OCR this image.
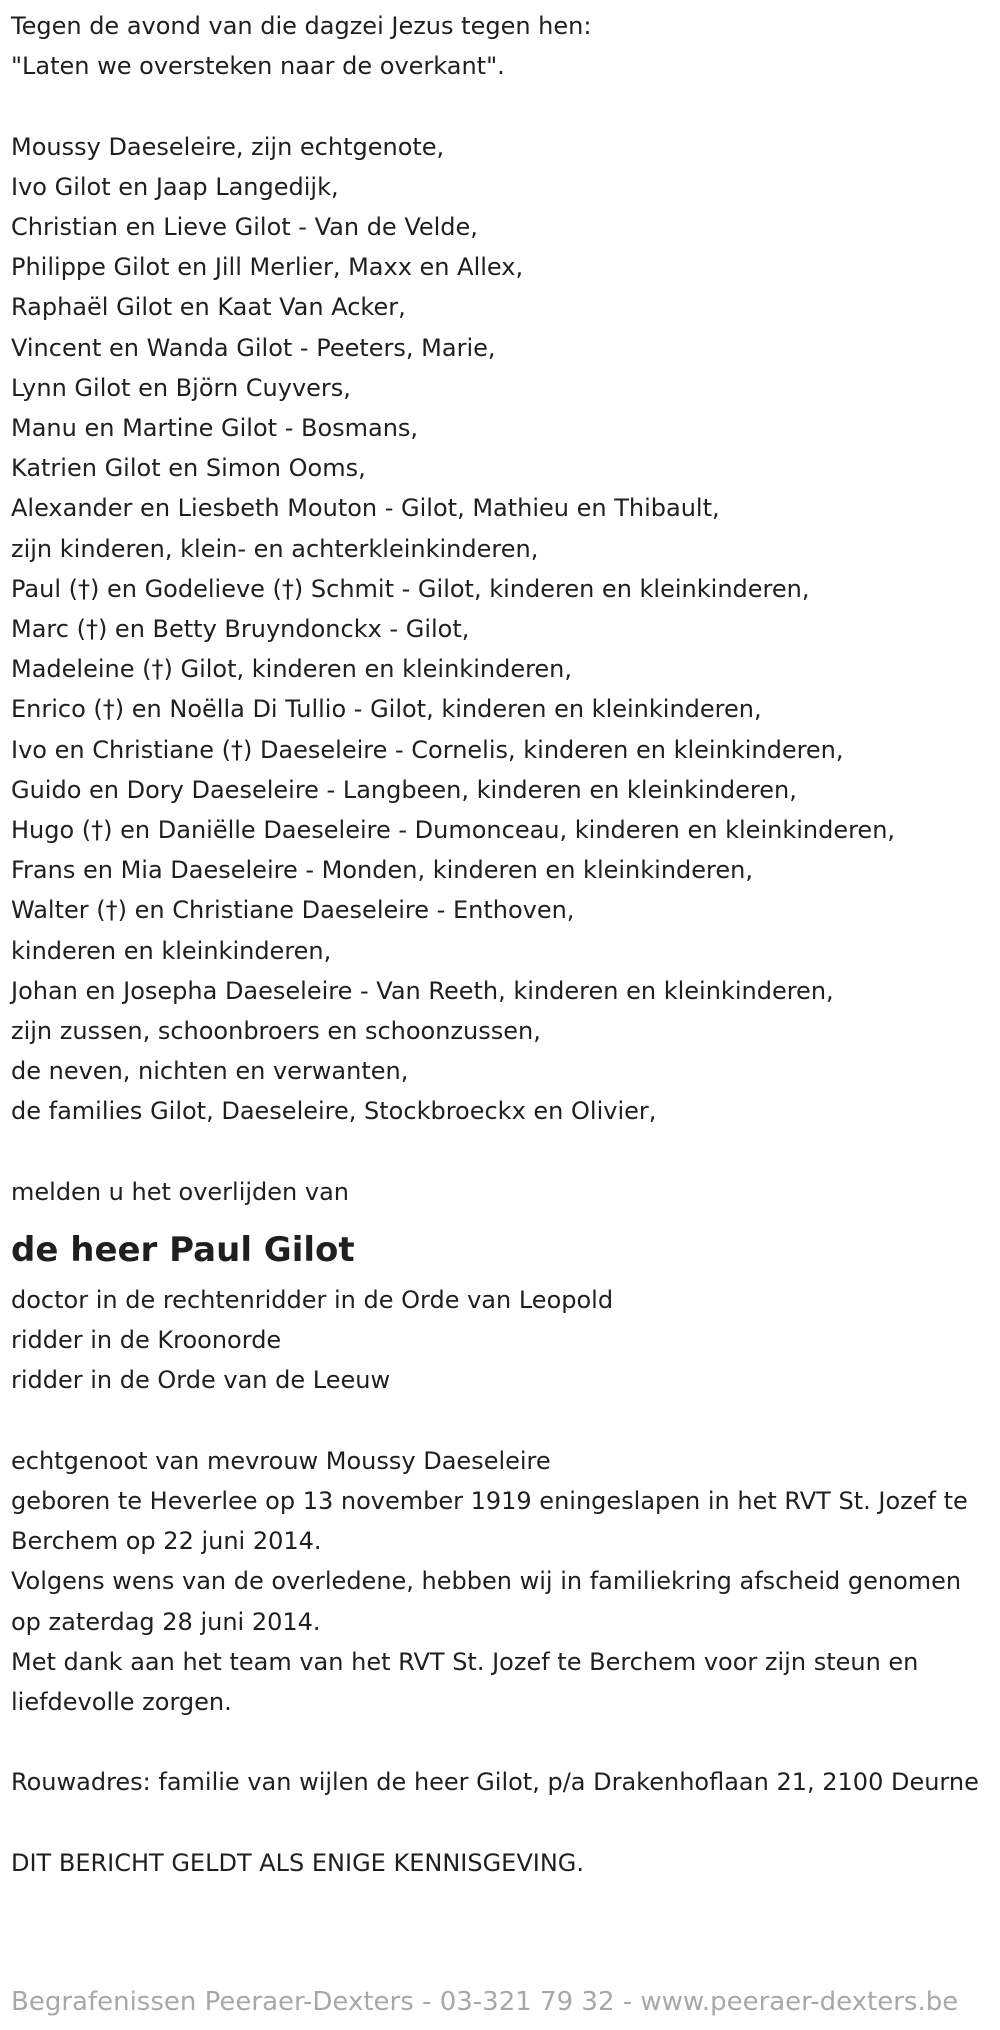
Tegen de avond van die dagzei Jezus tegen hen:
"Laten we oversteken naar de overkant".
Moussy Daeseleire, zijn echtgenote,
Ivo Gilot en Jaap Langedijk,
Christian en Lieve Gilot - Van de Velde,
Philippe Gilot en Jill Merlier, Maxx en Allex,
Raphaël Gilot en Kaat Van Acker,
Vincent en Wanda Gilot - Peeters, Marie,
Lynn Gilot en Björn Cuyvers,
Manu en Martine Gilot - Bosmans,
Katrien Gilot en Simon Ooms,
Alexander en Liesbeth Mouton - Gilot, Mathieu en Thibault,
zijn kinderen, klein- en achterkleinkinderen,
Paul (†) en Godelieve (†) Schmit - Gilot, kinderen en kleinkinderen,
Marc (†) en Betty Bruyndonckx - Gilot,
Madeleine (†) Gilot, kinderen en kleinkinderen,
Enrico (†) en Noëlla Di Tullio - Gilot, kinderen en kleinkinderen,
Ivo en Christiane (†) Daeseleire - Cornelis, kinderen en kleinkinderen,
Guido en Dory Daeseleire - Langbeen, kinderen en kleinkinderen,
Hugo (†) en Daniëlle Daeseleire - Dumonceau, kinderen en kleinkinderen,
Frans en Mia Daeseleire - Monden, kinderen en kleinkinderen,
Walter (†) en Christiane Daeseleire - Enthoven,
kinderen en kleinkinderen,
Johan en Josepha Daeseleire - Van Reeth, kinderen en kleinkinderen,
zijn zussen, schoonbroers en schoonzussen,
de neven, nichten en verwanten,
de families Gilot, Daeseleire, Stockbroeckx en Olivier,
melden u het overlijden van
de heer Paul Gilot
doctor in de rechtenridder in de Orde van Leopold
ridder in de Kroonorde
ridder in de Orde van de Leeuw
echtgenoot van mevrouw Moussy Daeseleire
geboren te Heverlee op 13 november 1919 eningeslapen in het RVT St. Jozef te Berchem op 22 juni 2014.
Volgens wens van de overledene, hebben wij in familiekring afscheid genomen op zaterdag 28 juni 2014.
Met dank aan het team van het RVT St. Jozef te Berchem voor zijn steun en liefdevolle zorgen.
Rouwadres: familie van wijlen de heer Gilot, p/a Drakenhoflaan 21, 2100 Deurne
DIT BERICHT GELDT ALS ENIGE KENNISGEVING.
Begrafenissen Peeraer-Dexters - 03-321 79 32 - www.peeraer-dexters.be
